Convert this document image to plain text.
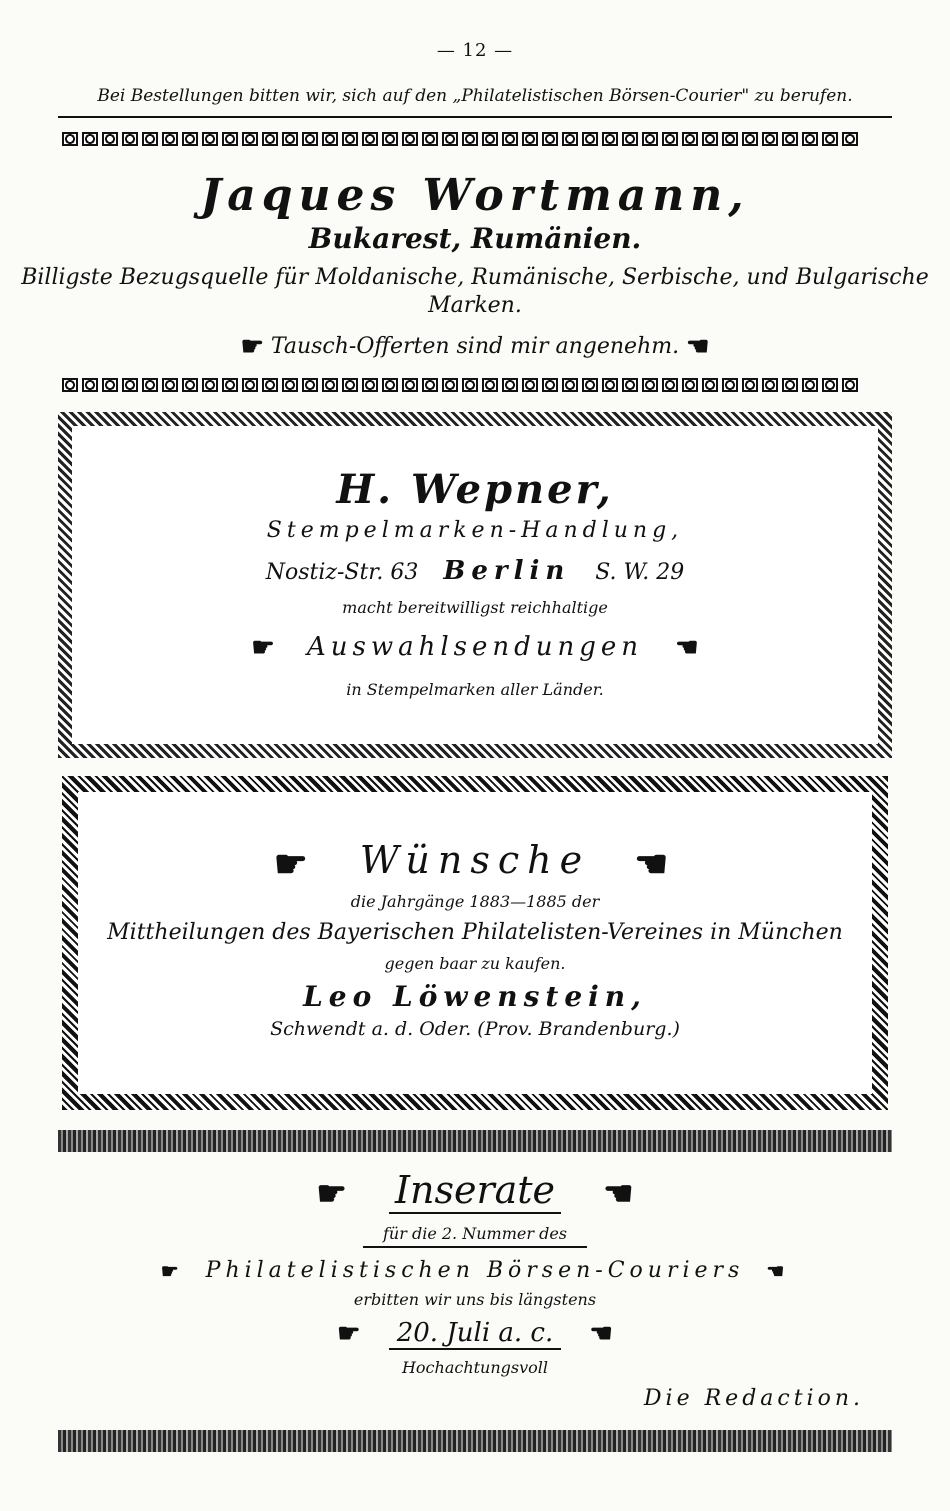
— 12 —
Bei Bestellungen bitten wir, sich auf den „Philatelistischen Börsen-Courier" zu berufen.
Jaques Wortmann,
Bukarest, Rumänien.
Billigste Bezugsquelle für Moldanische, Rumänische, Serbische, und Bulgarische
Marken.
☛ Tausch-Offerten sind mir angenehm. ☚
H. Wepner,
Stempelmarken-Handlung,
Nostiz-Str. 63 Berlin S. W. 29
macht bereitwilligst reichhaltige
☛ Auswahlsendungen ☚
in Stempelmarken aller Länder.
☛ Wünsche ☚
die Jahrgänge 1883—1885 der
Mittheilungen des Bayerischen Philatelisten-Vereines in München
gegen baar zu kaufen.
Leo Löwenstein,
Schwendt a. d. Oder. (Prov. Brandenburg.)
☛ Inserate ☚
für die 2. Nummer des
☛ Philatelistischen Börsen-Couriers ☚
erbitten wir uns bis längstens
☛ 20. Juli a. c. ☚
Hochachtungsvoll
Die Redaction.
